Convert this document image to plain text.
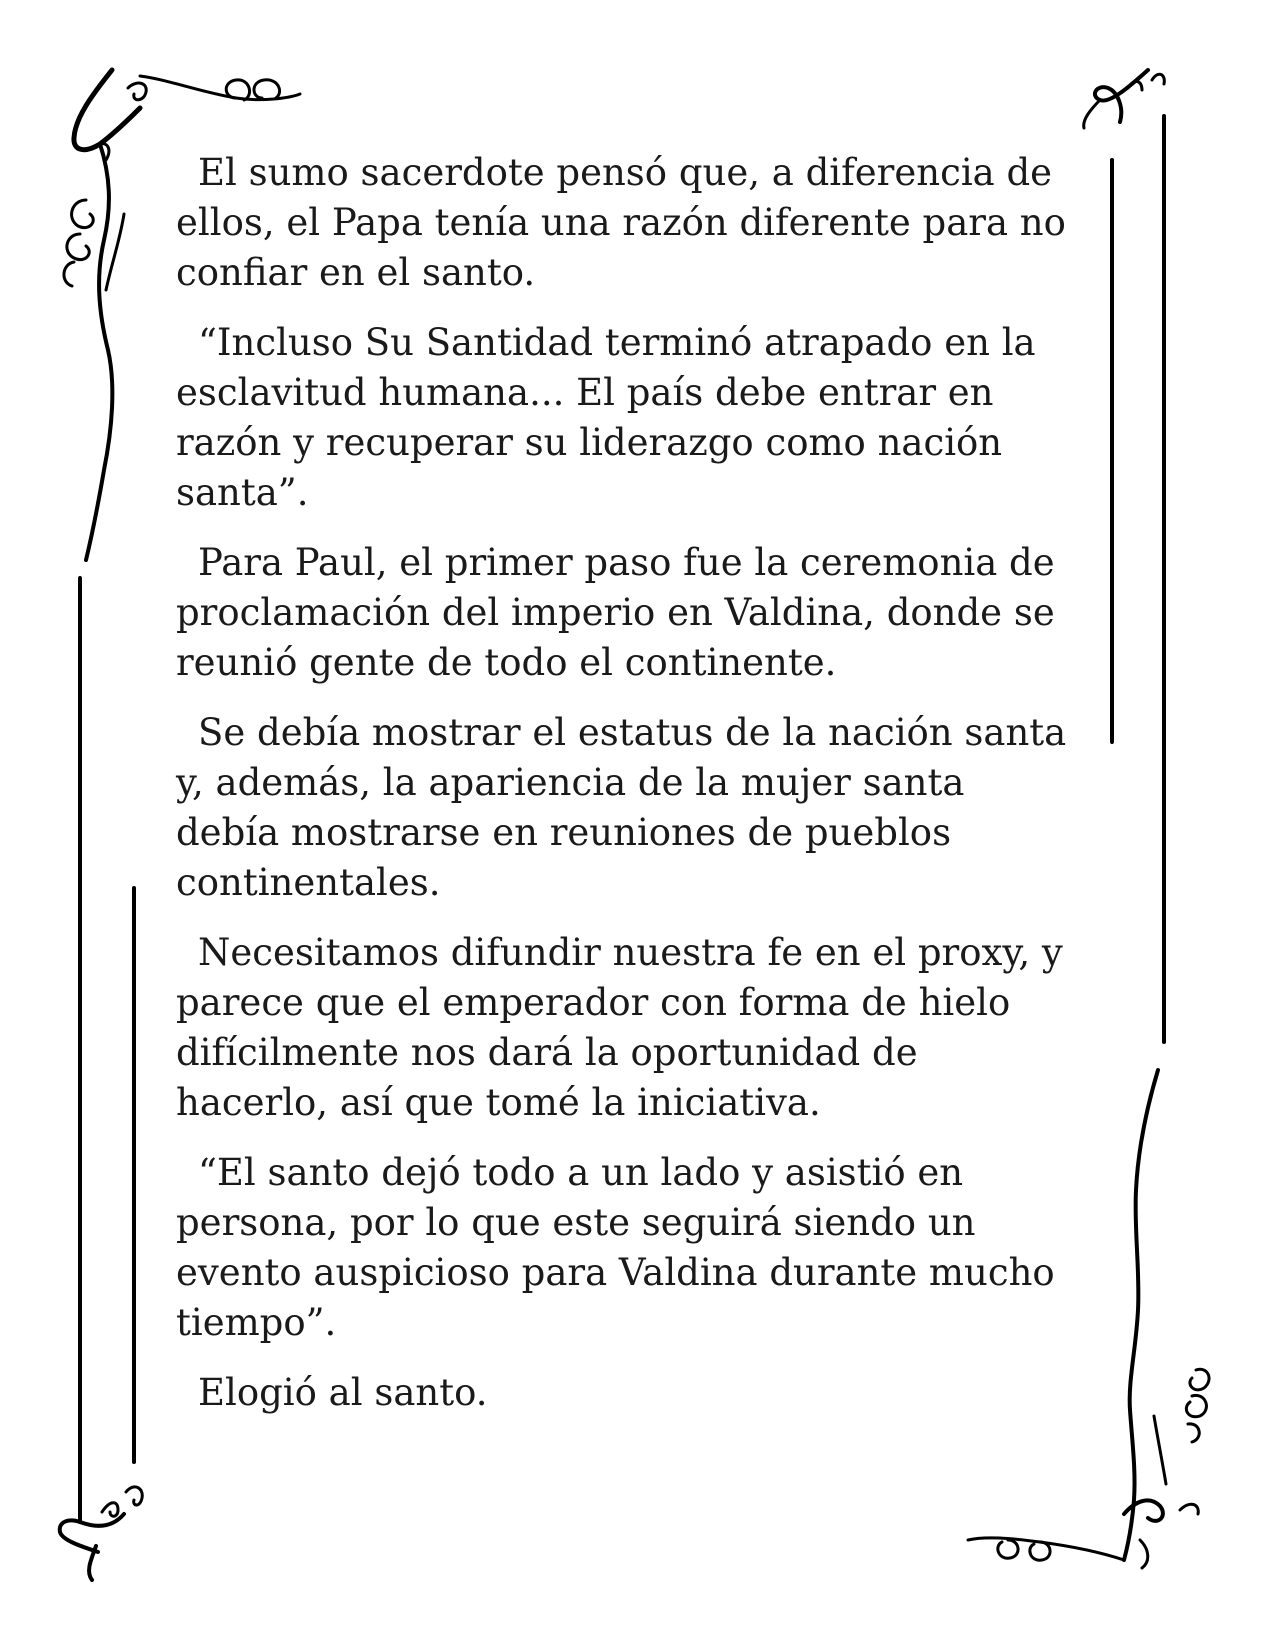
El sumo sacerdote pensó que, a diferencia de
ellos, el Papa tenía una razón diferente para no
confiar en el santo.

“Incluso Su Santidad terminó atrapado en la
esclavitud humana... El país debe entrar en
razón y recuperar su liderazgo como nación
santa”.

Para Paul, el primer paso fue la ceremonia de
proclamación del imperio en Valdina, donde se
reunió gente de todo el continente.

Se debía mostrar el estatus de la nación santa
y, además, la apariencia de la mujer santa
debía mostrarse en reuniones de pueblos
continentales.

Necesitamos difundir nuestra fe en el proxy, y
parece que el emperador con forma de hielo
difícilmente nos dará la oportunidad de
hacerlo, así que tomé la iniciativa.

“El santo dejó todo a un lado y asistió en
persona, por lo que este seguirá siendo un
evento auspicioso para Valdina durante mucho
tiempo”.

Elogió al santo.
